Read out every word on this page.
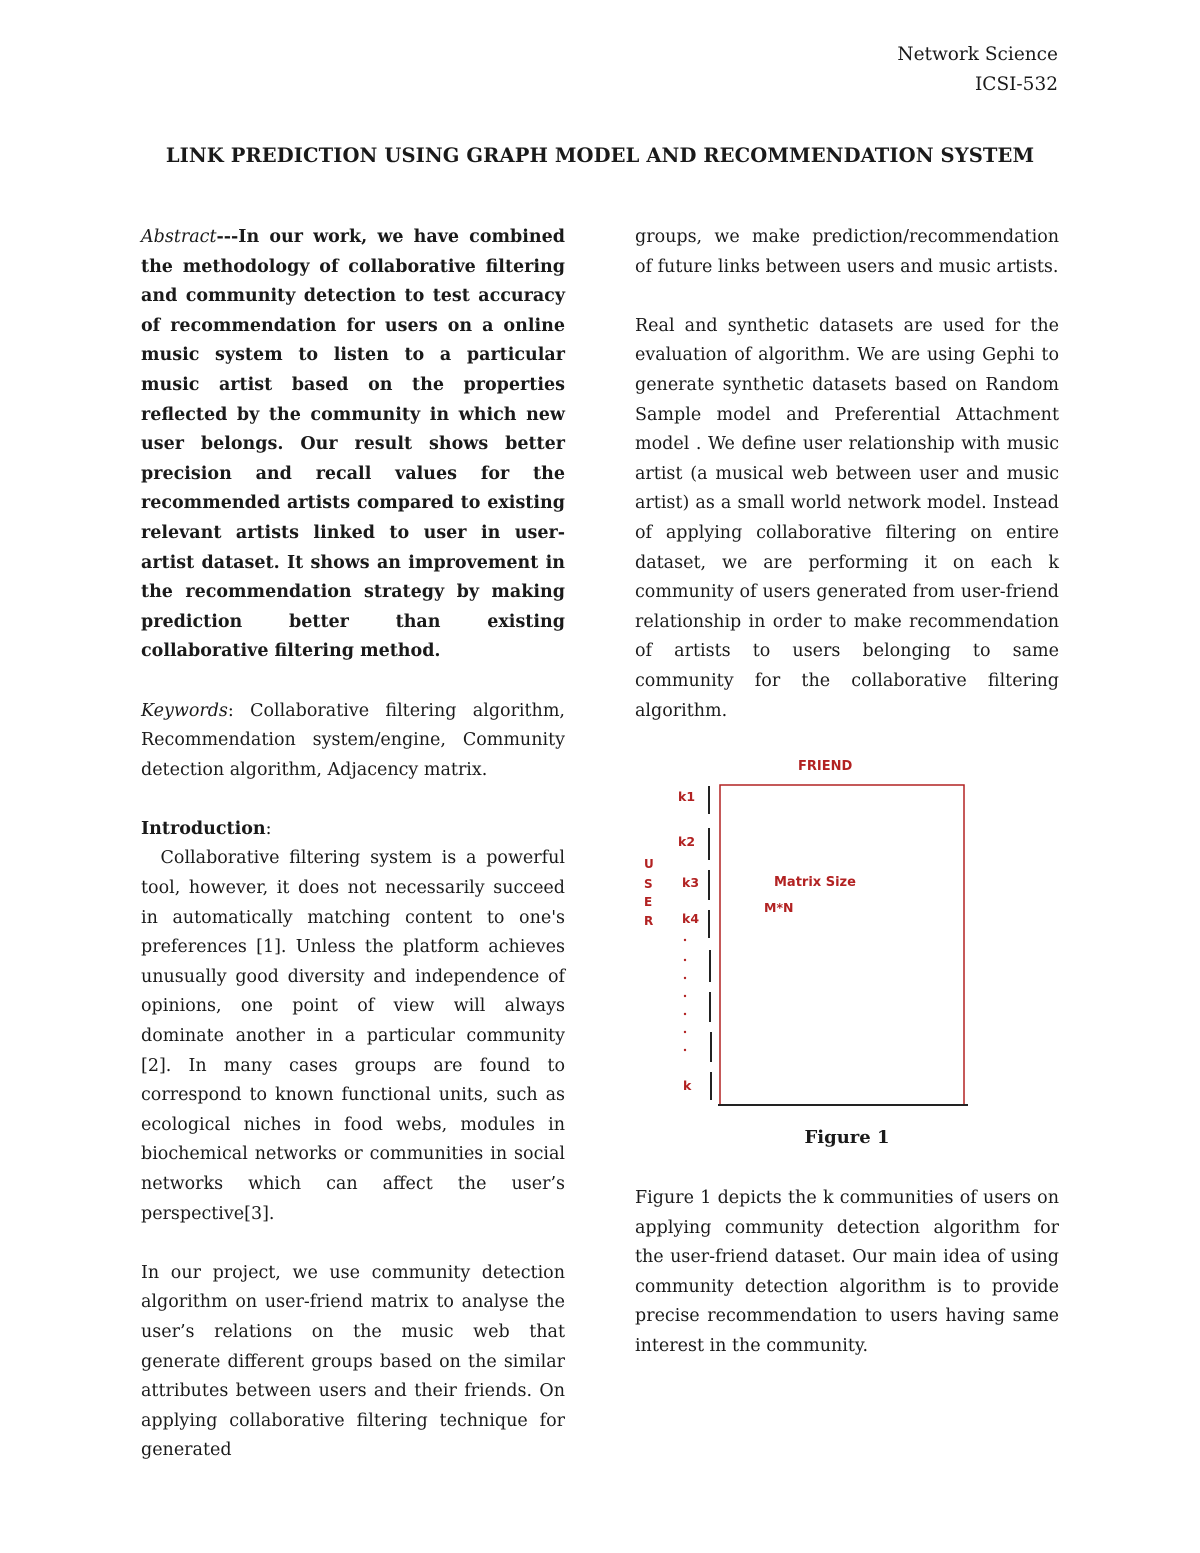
Network Science
ICSI-532
LINK PREDICTION USING GRAPH MODEL AND RECOMMENDATION SYSTEM

Abstract---In our work, we have combined the methodology of collaborative filtering and community detection to test accuracy of recommendation for users on a online music system to listen to a particular music artist based on the properties reflected by the community in which new user belongs. Our result shows better precision and recall values for the recommended artists compared to existing relevant artists linked to user in user-artist dataset. It shows an improvement in the recommendation strategy by making prediction better than existing collaborative filtering method.

Keywords: Collaborative filtering algorithm, Recommendation system/engine, Community detection algorithm, Adjacency matrix.

Introduction:

Collaborative filtering system is a powerful tool, however, it does not necessarily succeed in automatically matching content to one's preferences [1]. Unless the platform achieves unusually good diversity and independence of opinions, one point of view will always dominate another in a particular community [2]. In many cases groups are found to correspond to known functional units, such as ecological niches in food webs, modules in biochemical networks or communities in social networks which can affect the user’s perspective[3].

In our project, we use community detection algorithm on user-friend matrix to analyse the user’s relations on the music web that generate different groups based on the similar attributes between users and their friends. On applying collaborative filtering technique for generated

groups, we make prediction/recommendation of future links between users and music artists.

Real and synthetic datasets are used for the evaluation of algorithm. We are using Gephi to generate synthetic datasets based on Random Sample model and Preferential Attachment model . We define user relationship with music artist (a musical web between user and music artist) as a small world network model. Instead of applying collaborative filtering on entire dataset, we are performing it on each k community of users generated from user-friend relationship in order to make recommendation of artists to users belonging to same community for the collaborative filtering algorithm.

FRIEND
U
S
E
R
k1
k2
k3
k4
k
Matrix Size
M*N
Figure 1

Figure 1 depicts the k communities of users on applying community detection algorithm for the user-friend dataset. Our main idea of using community detection algorithm is to provide precise recommendation to users having same interest in the community.
